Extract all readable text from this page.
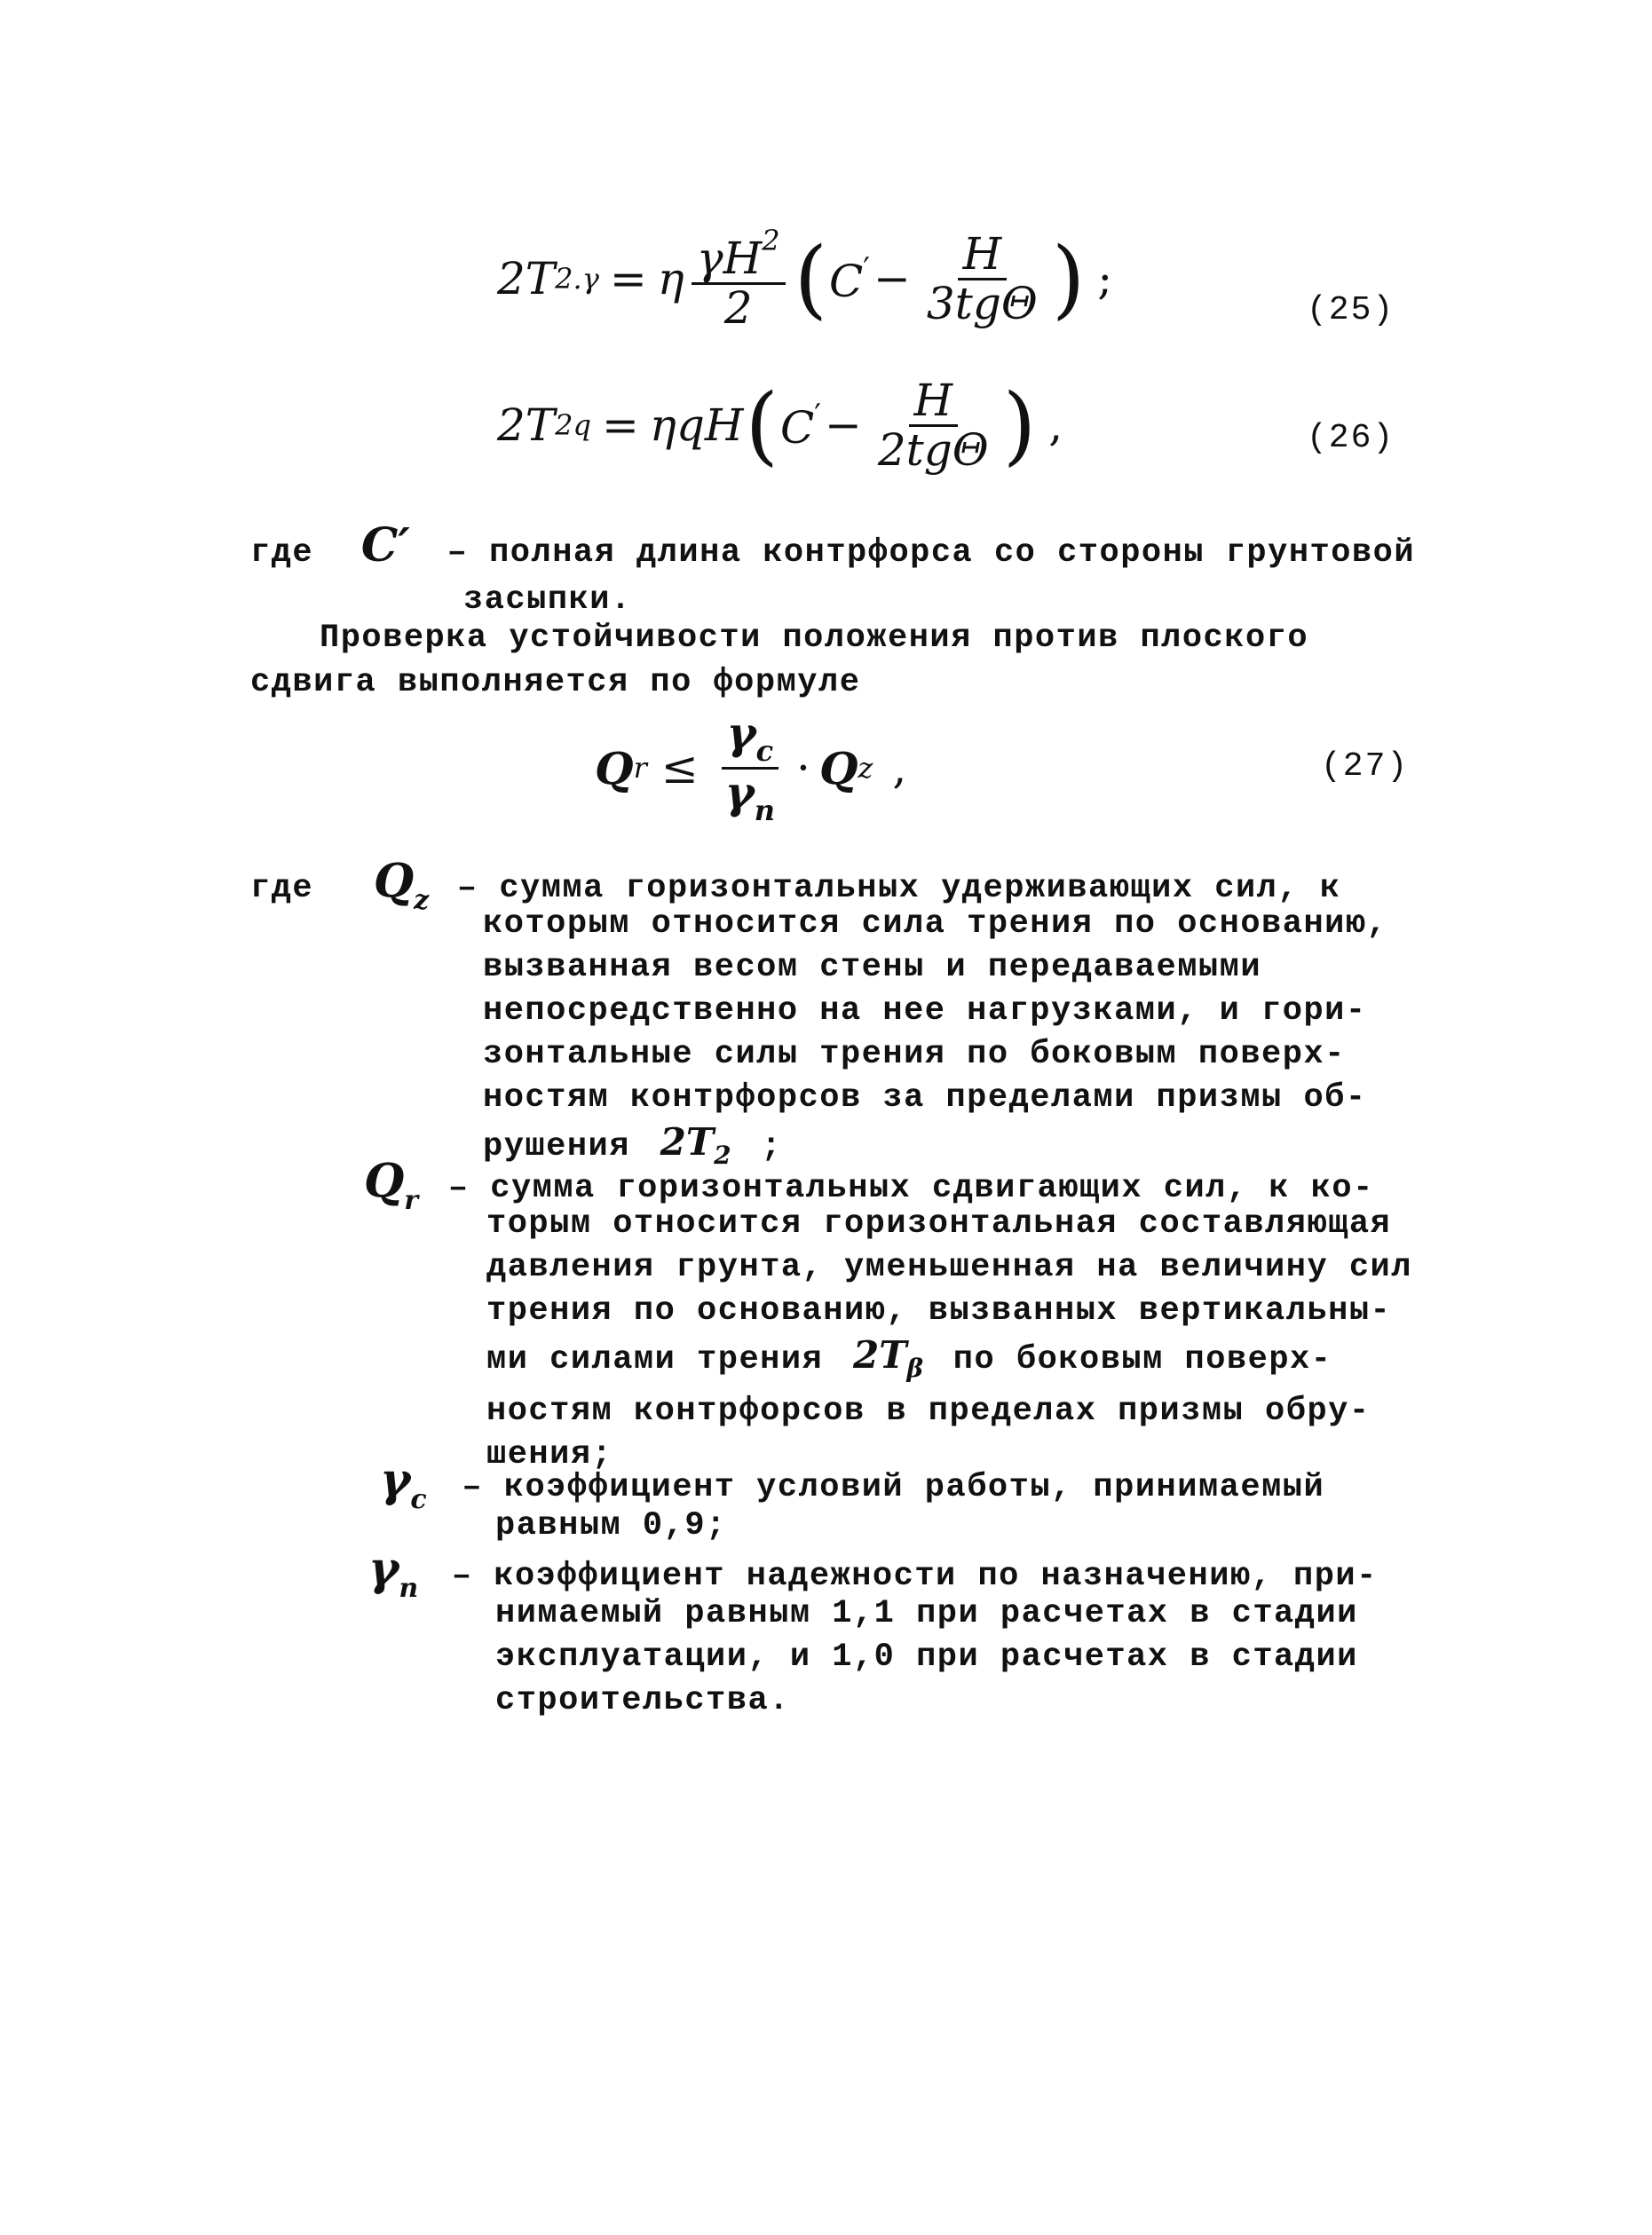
2T 2.γ = η $\frac{\gamma H^2}{2}$ ( $C' - \frac{H}{\text{3tgΘ}}$ ) ;
(25)
2T 2q = ηqH ( $C' - \frac{H}{\text{2tgΘ}}$ ) ,	(26)
где C′ – полная длина контрфорса со стороны грунтовой
засыпки.
Проверка устойчивости положения против плоского
сдвига выполняется по формуле
Q $r \le \frac{\gamma_c}{\gamma_n} \cdot Q$ z ,	(27)
где $Q_z$ – сумма горизонтальных удерживающих сил, к
которым относится сила трения по основанию,
вызванная весом стены и передаваемыми
непосредственно на нее нагрузками, и гори-
зонтальные силы трения по боковым поверх-
ностям контрфорсов за пределами призмы об-
рушения $2T_2$ ;
$Q_r$ – сумма горизонтальных сдвигающих сил, к ко-
торым относится горизонтальная составляющая
давления грунта, уменьшенная на величину сил
трения по основанию, вызванных вертикальны-
ми силами трения $2T_\beta$ по боковым поверх-
ностям контрфорсов в пределах призмы обру-
шения;
$\gamma_c$ – коэффициент условий работы, принимаемый
равным 0,9;
$\gamma_n$ – коэффициент надежности по назначению, при-
нимаемый равным 1,1 при расчетах в стадии
эксплуатации, и 1,0 при расчетах в стадии
строительства.
